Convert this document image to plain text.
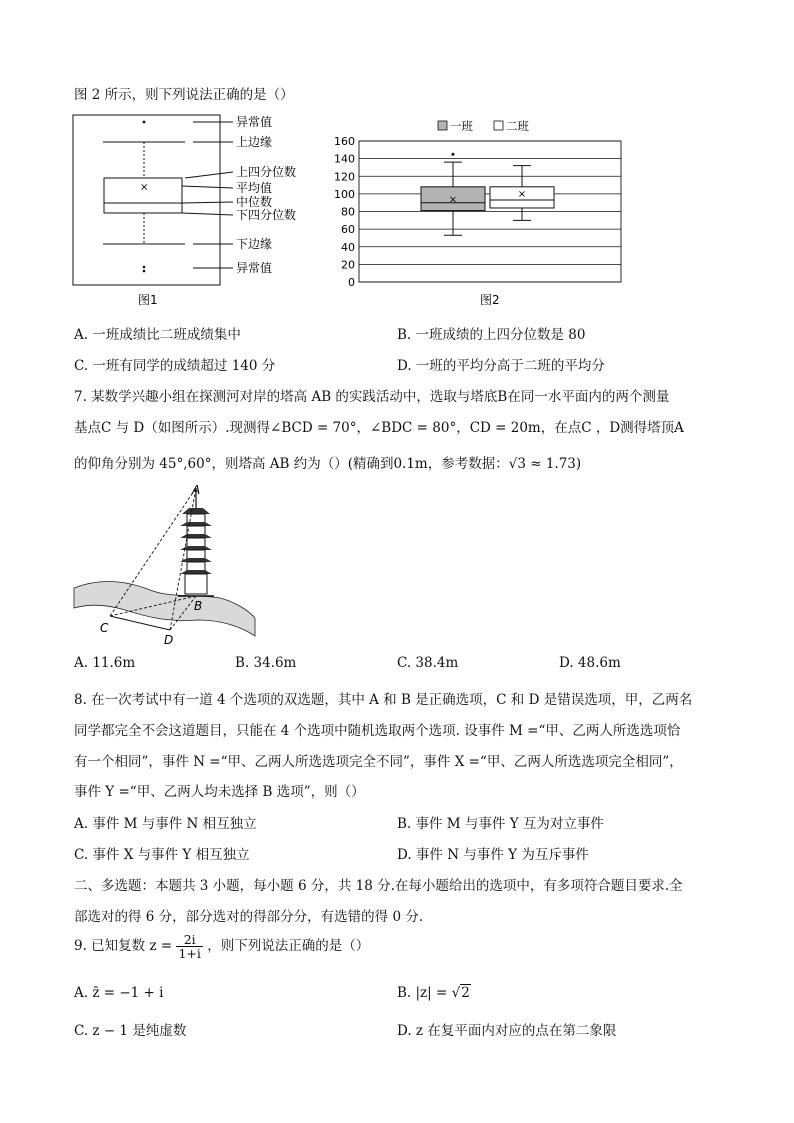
图 2 所示，则下列说法正确的是（）
×
异常值
上边缘
上四分位数
平均值
中位数
下四分位数
下边缘
异常值
图1
一班	二班
0
20
40
60
80
100
120
140
160
×	×
图2
A. 一班成绩比二班成绩集中	B. 一班成绩的上四分位数是 80
C. 一班有同学的成绩超过 140 分	D. 一班的平均分高于二班的平均分
7. 某数学兴趣小组在探测河对岸的塔高 AB 的实践活动中，选取与塔底B在同一水平面内的两个测量
基点C 与 D（如图所示）.现测得∠BCD = 70°，∠BDC = 80°，CD = 20m，在点C ，D测得塔顶A
的仰角分别为 45°,60°，则塔高 AB 约为（）(精确到0.1m，参考数据：√3 ≈ 1.73)
A
B
C
D
A. 11.6m	B. 34.6m	C. 38.4m	D. 48.6m
8. 在一次考试中有一道 4 个选项的双选题，其中 A 和 B 是正确选项，C 和 D 是错误选项，甲，乙两名
同学都完全不会这道题目，只能在 4 个选项中随机选取两个选项. 设事件 M =“甲、乙两人所选选项恰
有一个相同”，事件 N =“甲、乙两人所选选项完全不同”，事件 X =“甲、乙两人所选选项完全相同”，
事件 Y =“甲、乙两人均未选择 B 选项”，则（）
A. 事件 M 与事件 N 相互独立	B. 事件 M 与事件 Y 互为对立事件
C. 事件 X 与事件 Y 相互独立	D. 事件 N 与事件 Y 为互斥事件
二、多选题：本题共 3 小题，每小题 6 分，共 18 分.在每小题给出的选项中，有多项符合题目要求.全
部选对的得 6 分，部分选对的得部分分，有选错的得 0 分.
9. 已知复数 $z = \frac{2i}{1+i}$ ，则下列说法正确的是（）
A. z̄ = −1 + i	B. |z| = √2
C. z − 1 是纯虚数	D. z 在复平面内对应的点在第二象限
